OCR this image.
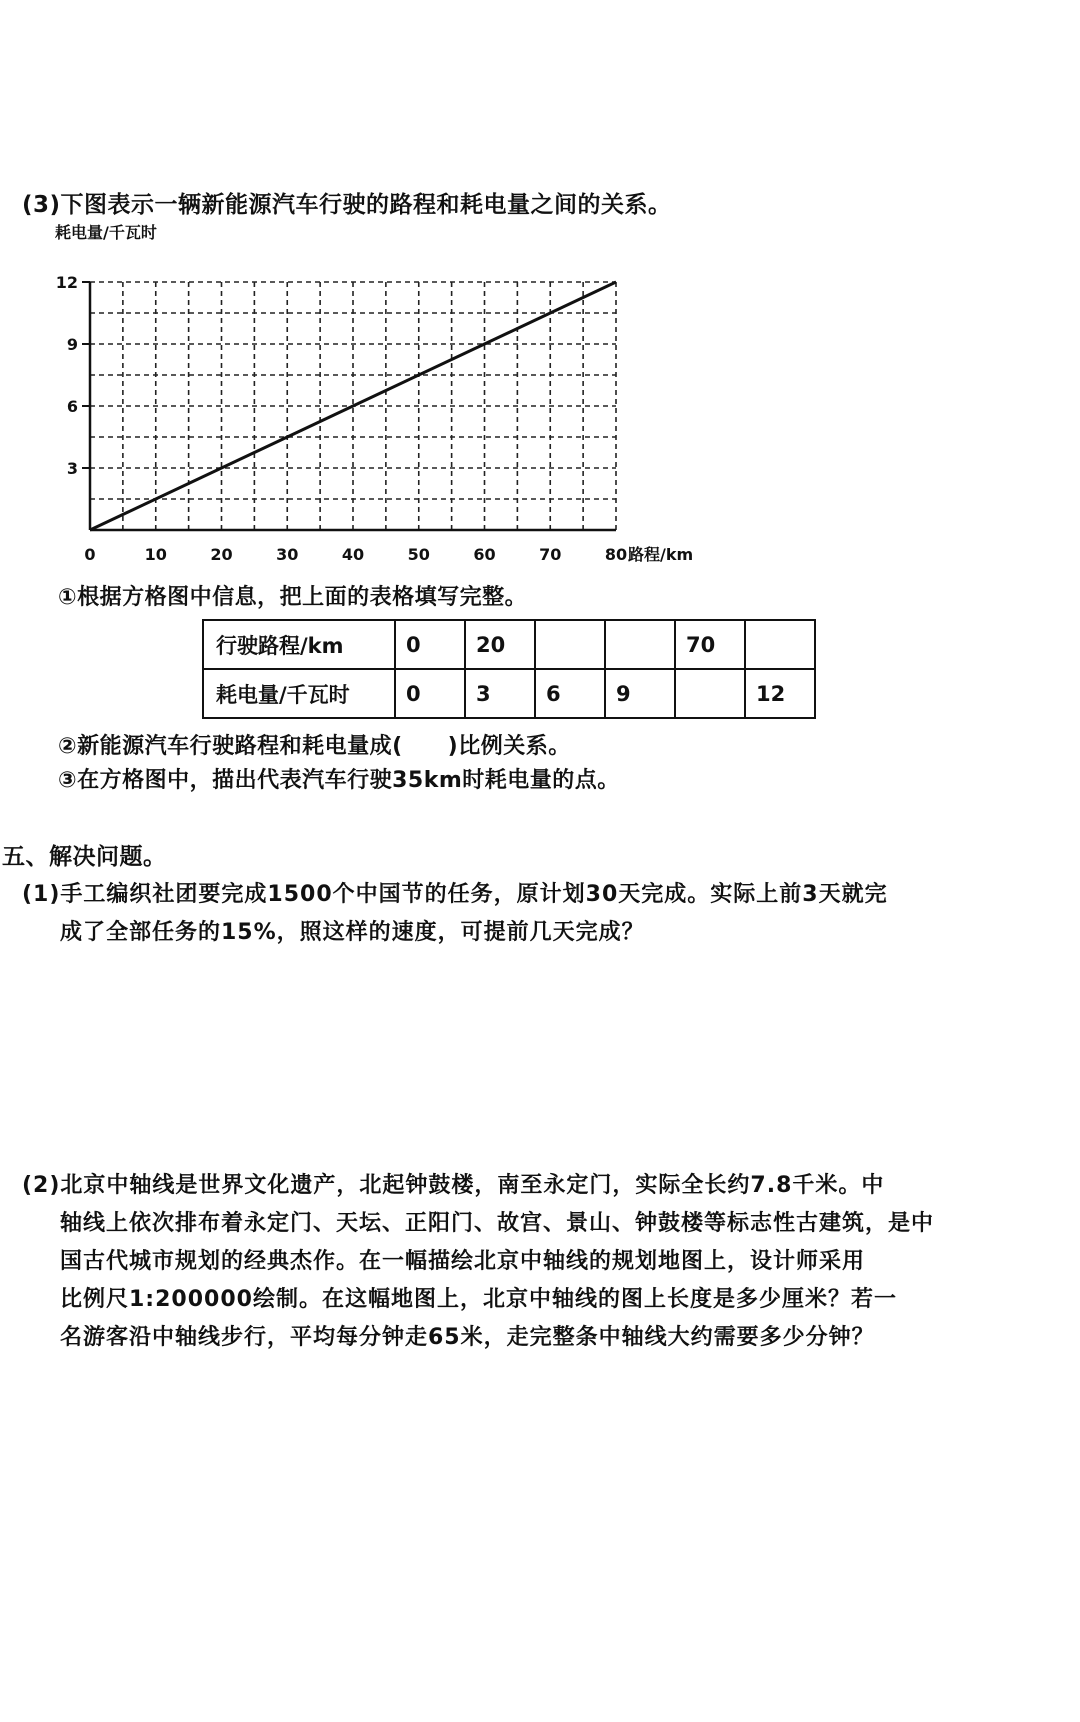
(3)下图表示一辆新能源汽车行驶的路程和耗电量之间的关系。
0	10	20	30	40	50	60	70	80
3
6
9
12
耗电量/千瓦时
路程/km
①根据方格图中信息，把上面的表格填写完整。
行驶路程/km	0	20			70	
耗电量/千瓦时	0	3	6	9		12
②新能源汽车行驶路程和耗电量成(　　)比例关系。
③在方格图中，描出代表汽车行驶35km时耗电量的点。
五、解决问题。
(1)手工编织社团要完成1500个中国节的任务，原计划30天完成。实际上前3天就完
成了全部任务的15%，照这样的速度，可提前几天完成？
(2)北京中轴线是世界文化遗产，北起钟鼓楼，南至永定门，实际全长约7.8千米。中
轴线上依次排布着永定门、天坛、正阳门、故宫、景山、钟鼓楼等标志性古建筑，是中
国古代城市规划的经典杰作。在一幅描绘北京中轴线的规划地图上，设计师采用
比例尺1:200000绘制。在这幅地图上，北京中轴线的图上长度是多少厘米？若一
名游客沿中轴线步行，平均每分钟走65米，走完整条中轴线大约需要多少分钟？
